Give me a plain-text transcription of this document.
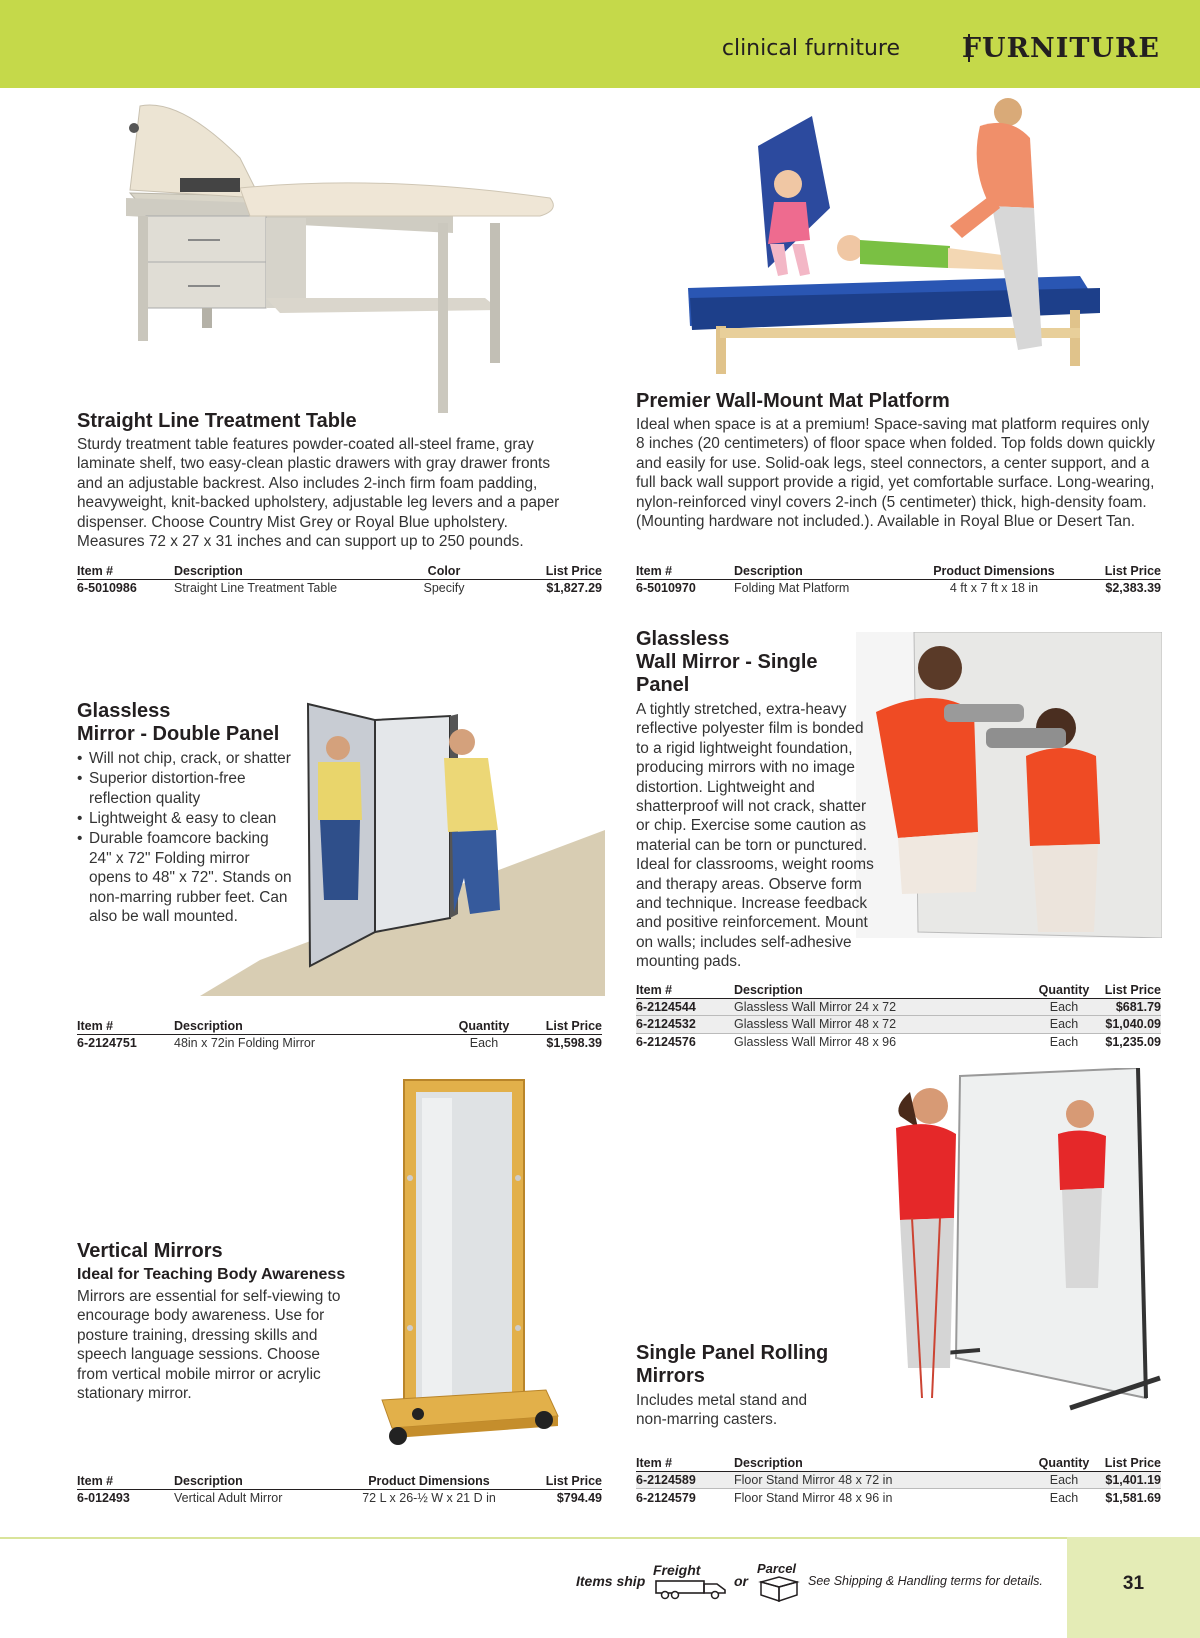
clinical furniture FURNITURE
Straight Line Treatment Table
Sturdy treatment table features powder-coated all-steel frame, gray laminate shelf, two easy-clean plastic drawers with gray drawer fronts and an adjustable backrest. Also includes 2-inch firm foam padding, heavyweight, knit-backed upholstery, adjustable leg levers and a paper dispenser. Choose Country Mist Grey or Royal Blue upholstery. Measures 72 x 27 x 31 inches and can support up to 250 pounds.
Item #	Description	Color	List Price
6-5010986	Straight Line Treatment Table	Specify	$1,827.29
Premier Wall-Mount Mat Platform
Ideal when space is at a premium! Space-saving mat platform requires only 8 inches (20 centimeters) of floor space when folded. Top folds down quickly and easily for use. Solid-oak legs, steel connectors, a center support, and a full back wall support provide a rigid, yet comfortable surface. Long-wearing, nylon-reinforced vinyl covers 2-inch (5 centimeter) thick, high-density foam. (Mounting hardware not included.). Available in Royal Blue or Desert Tan.
Item #	Description	Product Dimensions	List Price
6-5010970	Folding Mat Platform	4 ft x 7 ft x 18 in	$2,383.39
Glassless
Mirror - Double Panel
• Will not chip, crack, or shatter
• Superior distortion-free reflection quality
• Lightweight & easy to clean
• Durable foamcore backing
24" x 72" Folding mirror opens to 48" x 72". Stands on non-marring rubber feet. Can also be wall mounted.
Item #	Description	Quantity	List Price
6-2124751	48in x 72in Folding Mirror	Each	$1,598.39
Glassless
Wall Mirror - Single Panel
A tightly stretched, extra-heavy reflective polyester film is bonded to a rigid lightweight foundation, producing mirrors with no image distortion. Lightweight and shatterproof will not crack, shatter or chip. Exercise some caution as material can be torn or punctured. Ideal for classrooms, weight rooms and therapy areas. Observe form and technique. Increase feedback and positive reinforcement. Mount on walls; includes self-adhesive mounting pads.
Item #	Description	Quantity	List Price
6-2124544	Glassless Wall Mirror 24 x 72	Each	$681.79
6-2124532	Glassless Wall Mirror 48 x 72	Each	$1,040.09
6-2124576	Glassless Wall Mirror 48 x 96	Each	$1,235.09
Vertical Mirrors
Ideal for Teaching Body Awareness
Mirrors are essential for self-viewing to encourage body awareness. Use for posture training, dressing skills and speech language sessions. Choose from vertical mobile mirror or acrylic stationary mirror.
Item #	Description	Product Dimensions	List Price
6-012493	Vertical Adult Mirror	72 L x 26-½ W x 21 D in	$794.49
Single Panel Rolling Mirrors
Includes metal stand and non-marring casters.
Item #	Description	Quantity	List Price
6-2124589	Floor Stand Mirror 48 x 72 in	Each	$1,401.19
6-2124579	Floor Stand Mirror 48 x 96 in	Each	$1,581.69
31
Items ship
Freight
or
Parcel
See Shipping & Handling terms for details.
